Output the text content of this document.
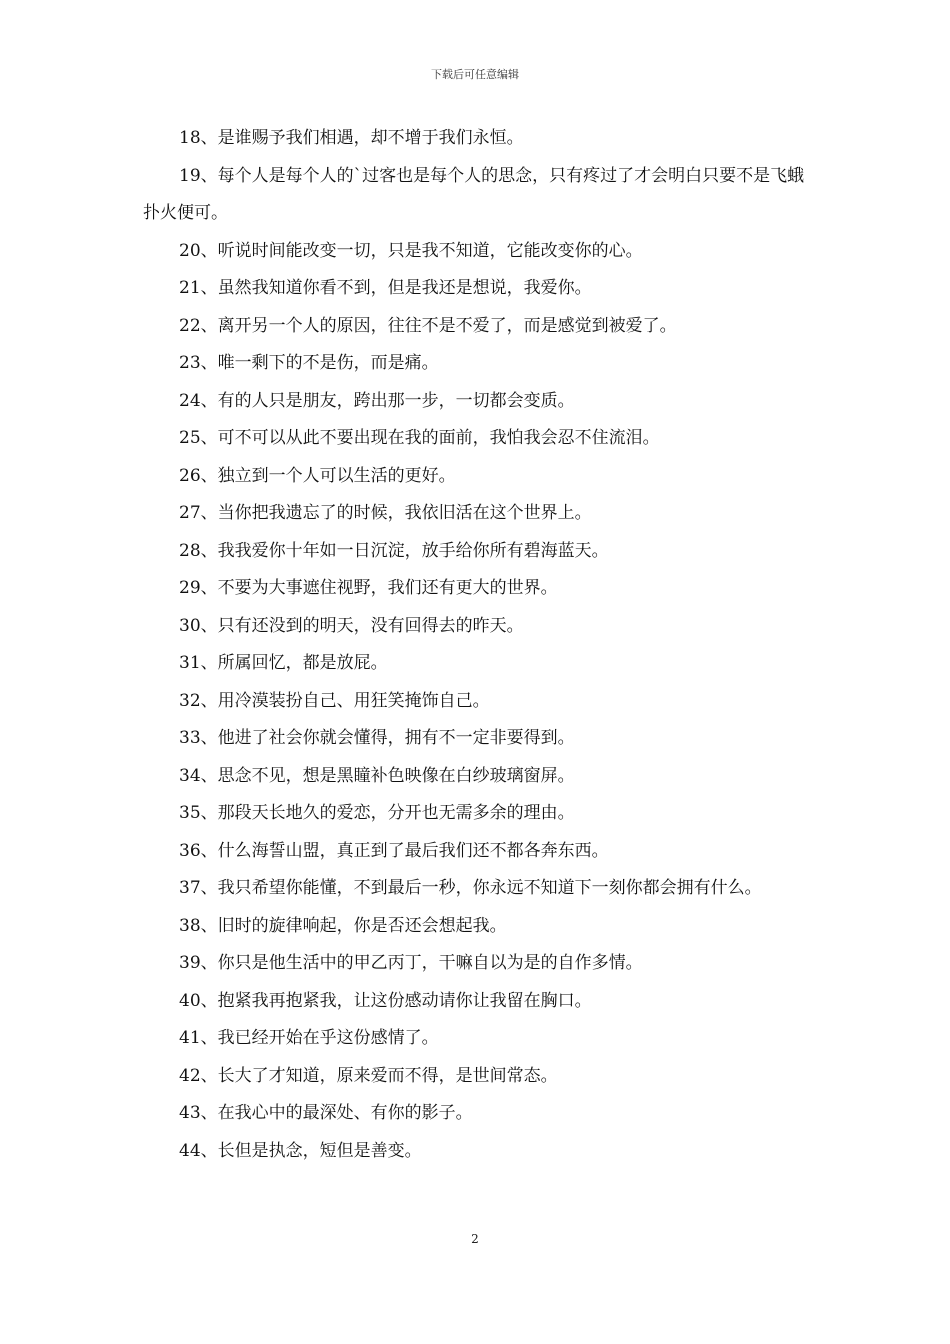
下载后可任意编辑

18、是谁赐予我们相遇，却不增于我们永恒。

19、每个人是每个人的`过客也是每个人的思念，只有疼过了才会明白只要不是飞蛾扑火便可。

20、听说时间能改变一切，只是我不知道，它能改变你的心。

21、虽然我知道你看不到，但是我还是想说，我爱你。

22、离开另一个人的原因，往往不是不爱了，而是感觉到被爱了。

23、唯一剩下的不是伤，而是痛。

24、有的人只是朋友，跨出那一步，一切都会变质。

25、可不可以从此不要出现在我的面前，我怕我会忍不住流泪。

26、独立到一个人可以生活的更好。

27、当你把我遗忘了的时候，我依旧活在这个世界上。

28、我我爱你十年如一日沉淀，放手给你所有碧海蓝天。

29、不要为大事遮住视野，我们还有更大的世界。

30、只有还没到的明天，没有回得去的昨天。

31、所属回忆，都是放屁。

32、用冷漠装扮自己、用狂笑掩饰自己。

33、他进了社会你就会懂得，拥有不一定非要得到。

34、思念不见，想是黑瞳补色映像在白纱玻璃窗屏。

35、那段天长地久的爱恋，分开也无需多余的理由。

36、什么海誓山盟，真正到了最后我们还不都各奔东西。

37、我只希望你能懂，不到最后一秒，你永远不知道下一刻你都会拥有什么。

38、旧时的旋律响起，你是否还会想起我。

39、你只是他生活中的甲乙丙丁，干嘛自以为是的自作多情。

40、抱紧我再抱紧我，让这份感动请你让我留在胸口。

41、我已经开始在乎这份感情了。

42、长大了才知道，原来爱而不得，是世间常态。

43、在我心中的最深处、有你的影子。

44、长但是执念，短但是善变。

2
